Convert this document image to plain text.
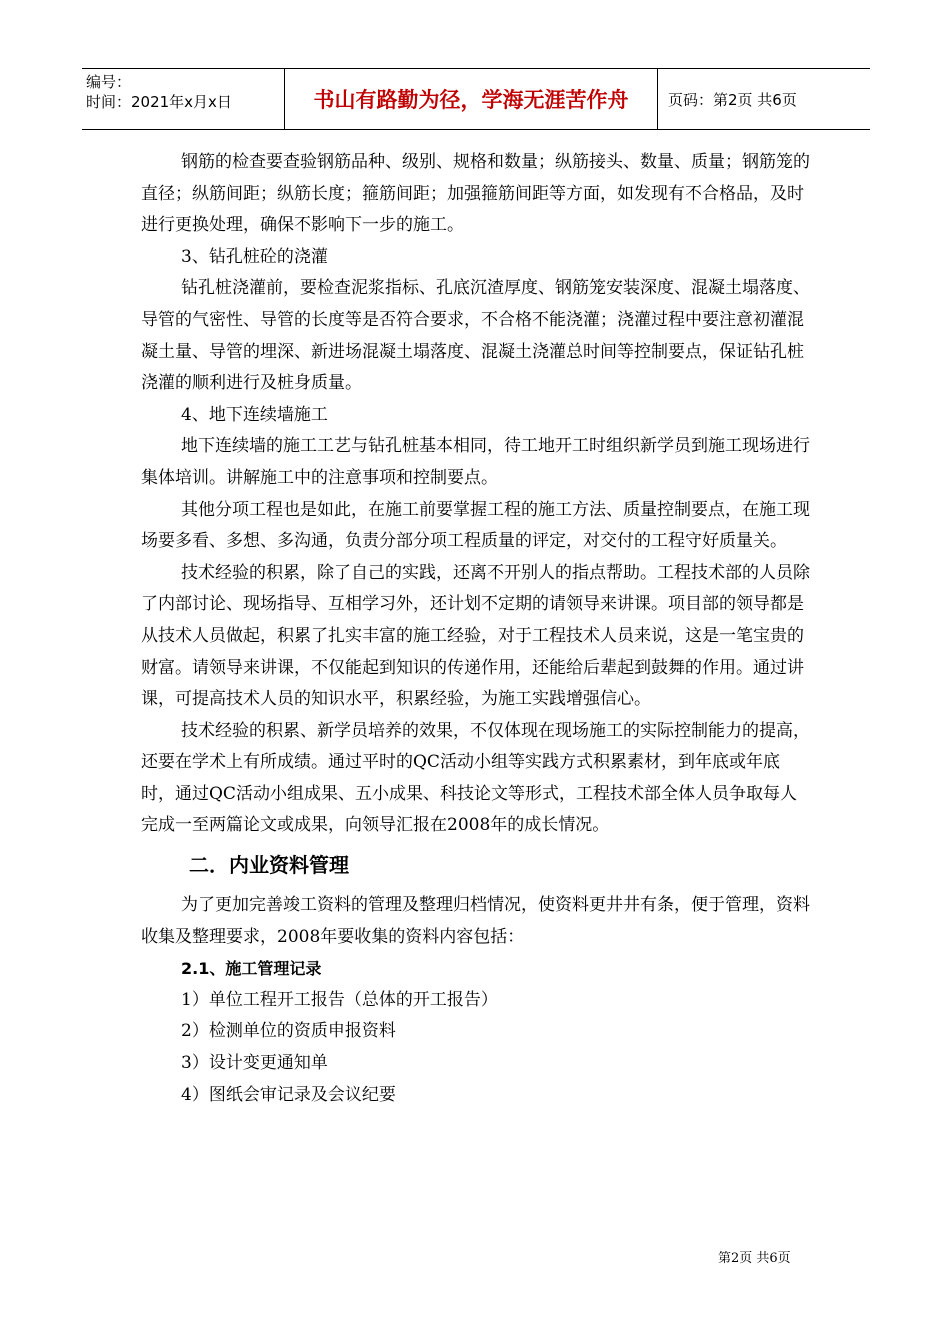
编号：
时间：2021年x月x日	书山有路勤为径，学海无涯苦作舟	页码：第2页 共6页

钢筋的检查要查验钢筋品种、级别、规格和数量；纵筋接头、数量、质量；钢筋笼的直径；纵筋间距；纵筋长度；箍筋间距；加强箍筋间距等方面，如发现有不合格品，及时进行更换处理，确保不影响下一步的施工。

3、钻孔桩砼的浇灌

钻孔桩浇灌前，要检查泥浆指标、孔底沉渣厚度、钢筋笼安装深度、混凝土塌落度、导管的气密性、导管的长度等是否符合要求，不合格不能浇灌；浇灌过程中要注意初灌混凝土量、导管的埋深、新进场混凝土塌落度、混凝土浇灌总时间等控制要点，保证钻孔桩浇灌的顺利进行及桩身质量。

4、地下连续墙施工

地下连续墙的施工工艺与钻孔桩基本相同，待工地开工时组织新学员到施工现场进行集体培训。讲解施工中的注意事项和控制要点。

其他分项工程也是如此，在施工前要掌握工程的施工方法、质量控制要点，在施工现场要多看、多想、多沟通，负责分部分项工程质量的评定，对交付的工程守好质量关。

技术经验的积累，除了自己的实践，还离不开别人的指点帮助。工程技术部的人员除了内部讨论、现场指导、互相学习外，还计划不定期的请领导来讲课。项目部的领导都是从技术人员做起，积累了扎实丰富的施工经验，对于工程技术人员来说，这是一笔宝贵的财富。请领导来讲课，不仅能起到知识的传递作用，还能给后辈起到鼓舞的作用。通过讲课，可提高技术人员的知识水平，积累经验，为施工实践增强信心。

技术经验的积累、新学员培养的效果，不仅体现在现场施工的实际控制能力的提高，还要在学术上有所成绩。通过平时的QC活动小组等实践方式积累素材，到年底或年底时，通过QC活动小组成果、五小成果、科技论文等形式，工程技术部全体人员争取每人完成一至两篇论文或成果，向领导汇报在2008年的成长情况。

二．内业资料管理

为了更加完善竣工资料的管理及整理归档情况，使资料更井井有条，便于管理，资料收集及整理要求，2008年要收集的资料内容包括：

2.1、施工管理记录

1）单位工程开工报告（总体的开工报告）

2）检测单位的资质申报资料

3）设计变更通知单

4）图纸会审记录及会议纪要

第2页 共6页
